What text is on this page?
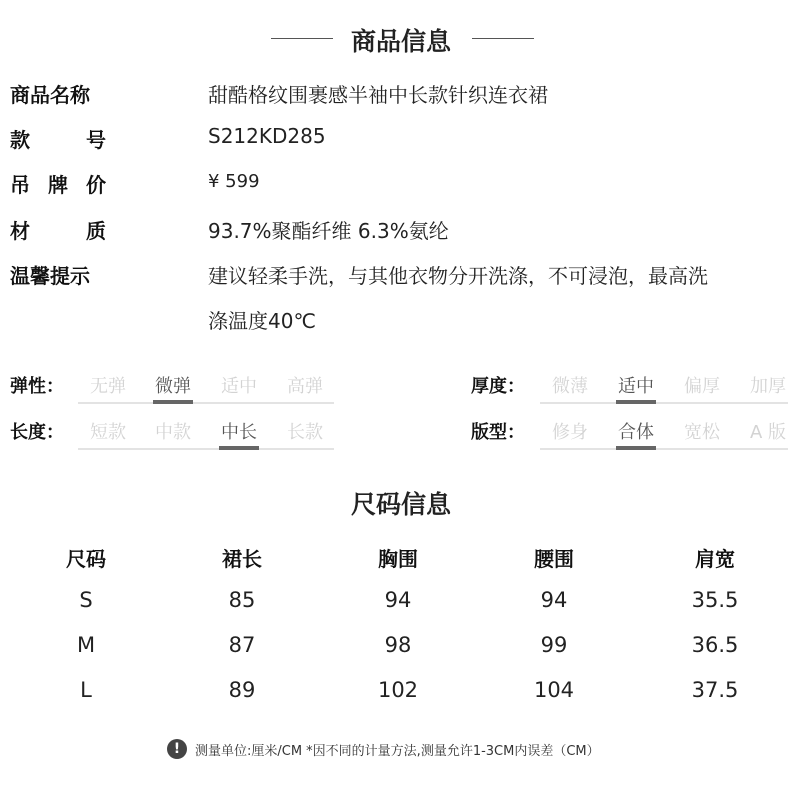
商品信息
商品名称	甜酷格纹围裹感半袖中长款针织连衣裙
款	号	S212KD285
吊 牌 价	¥ 599
材	质	93.7%聚酯纤维 6.3%氨纶
温馨提示	建议轻柔手洗，与其他衣物分开洗涤，不可浸泡，最高洗
涤温度40℃
弹性：	无弹	微弹	适中	高弹	厚度：	微薄	适中	偏厚	加厚
长度：	短款	中款	中长	长款	版型：	修身	合体	宽松	A 版
尺码信息
尺码	裙长	胸围	腰围	肩宽
S	85	94	94	35.5
M	87	98	99	36.5
L	89	102	104	37.5
!	测量单位:厘米/CM *因不同的计量方法,测量允许1-3CM内误差（CM）
